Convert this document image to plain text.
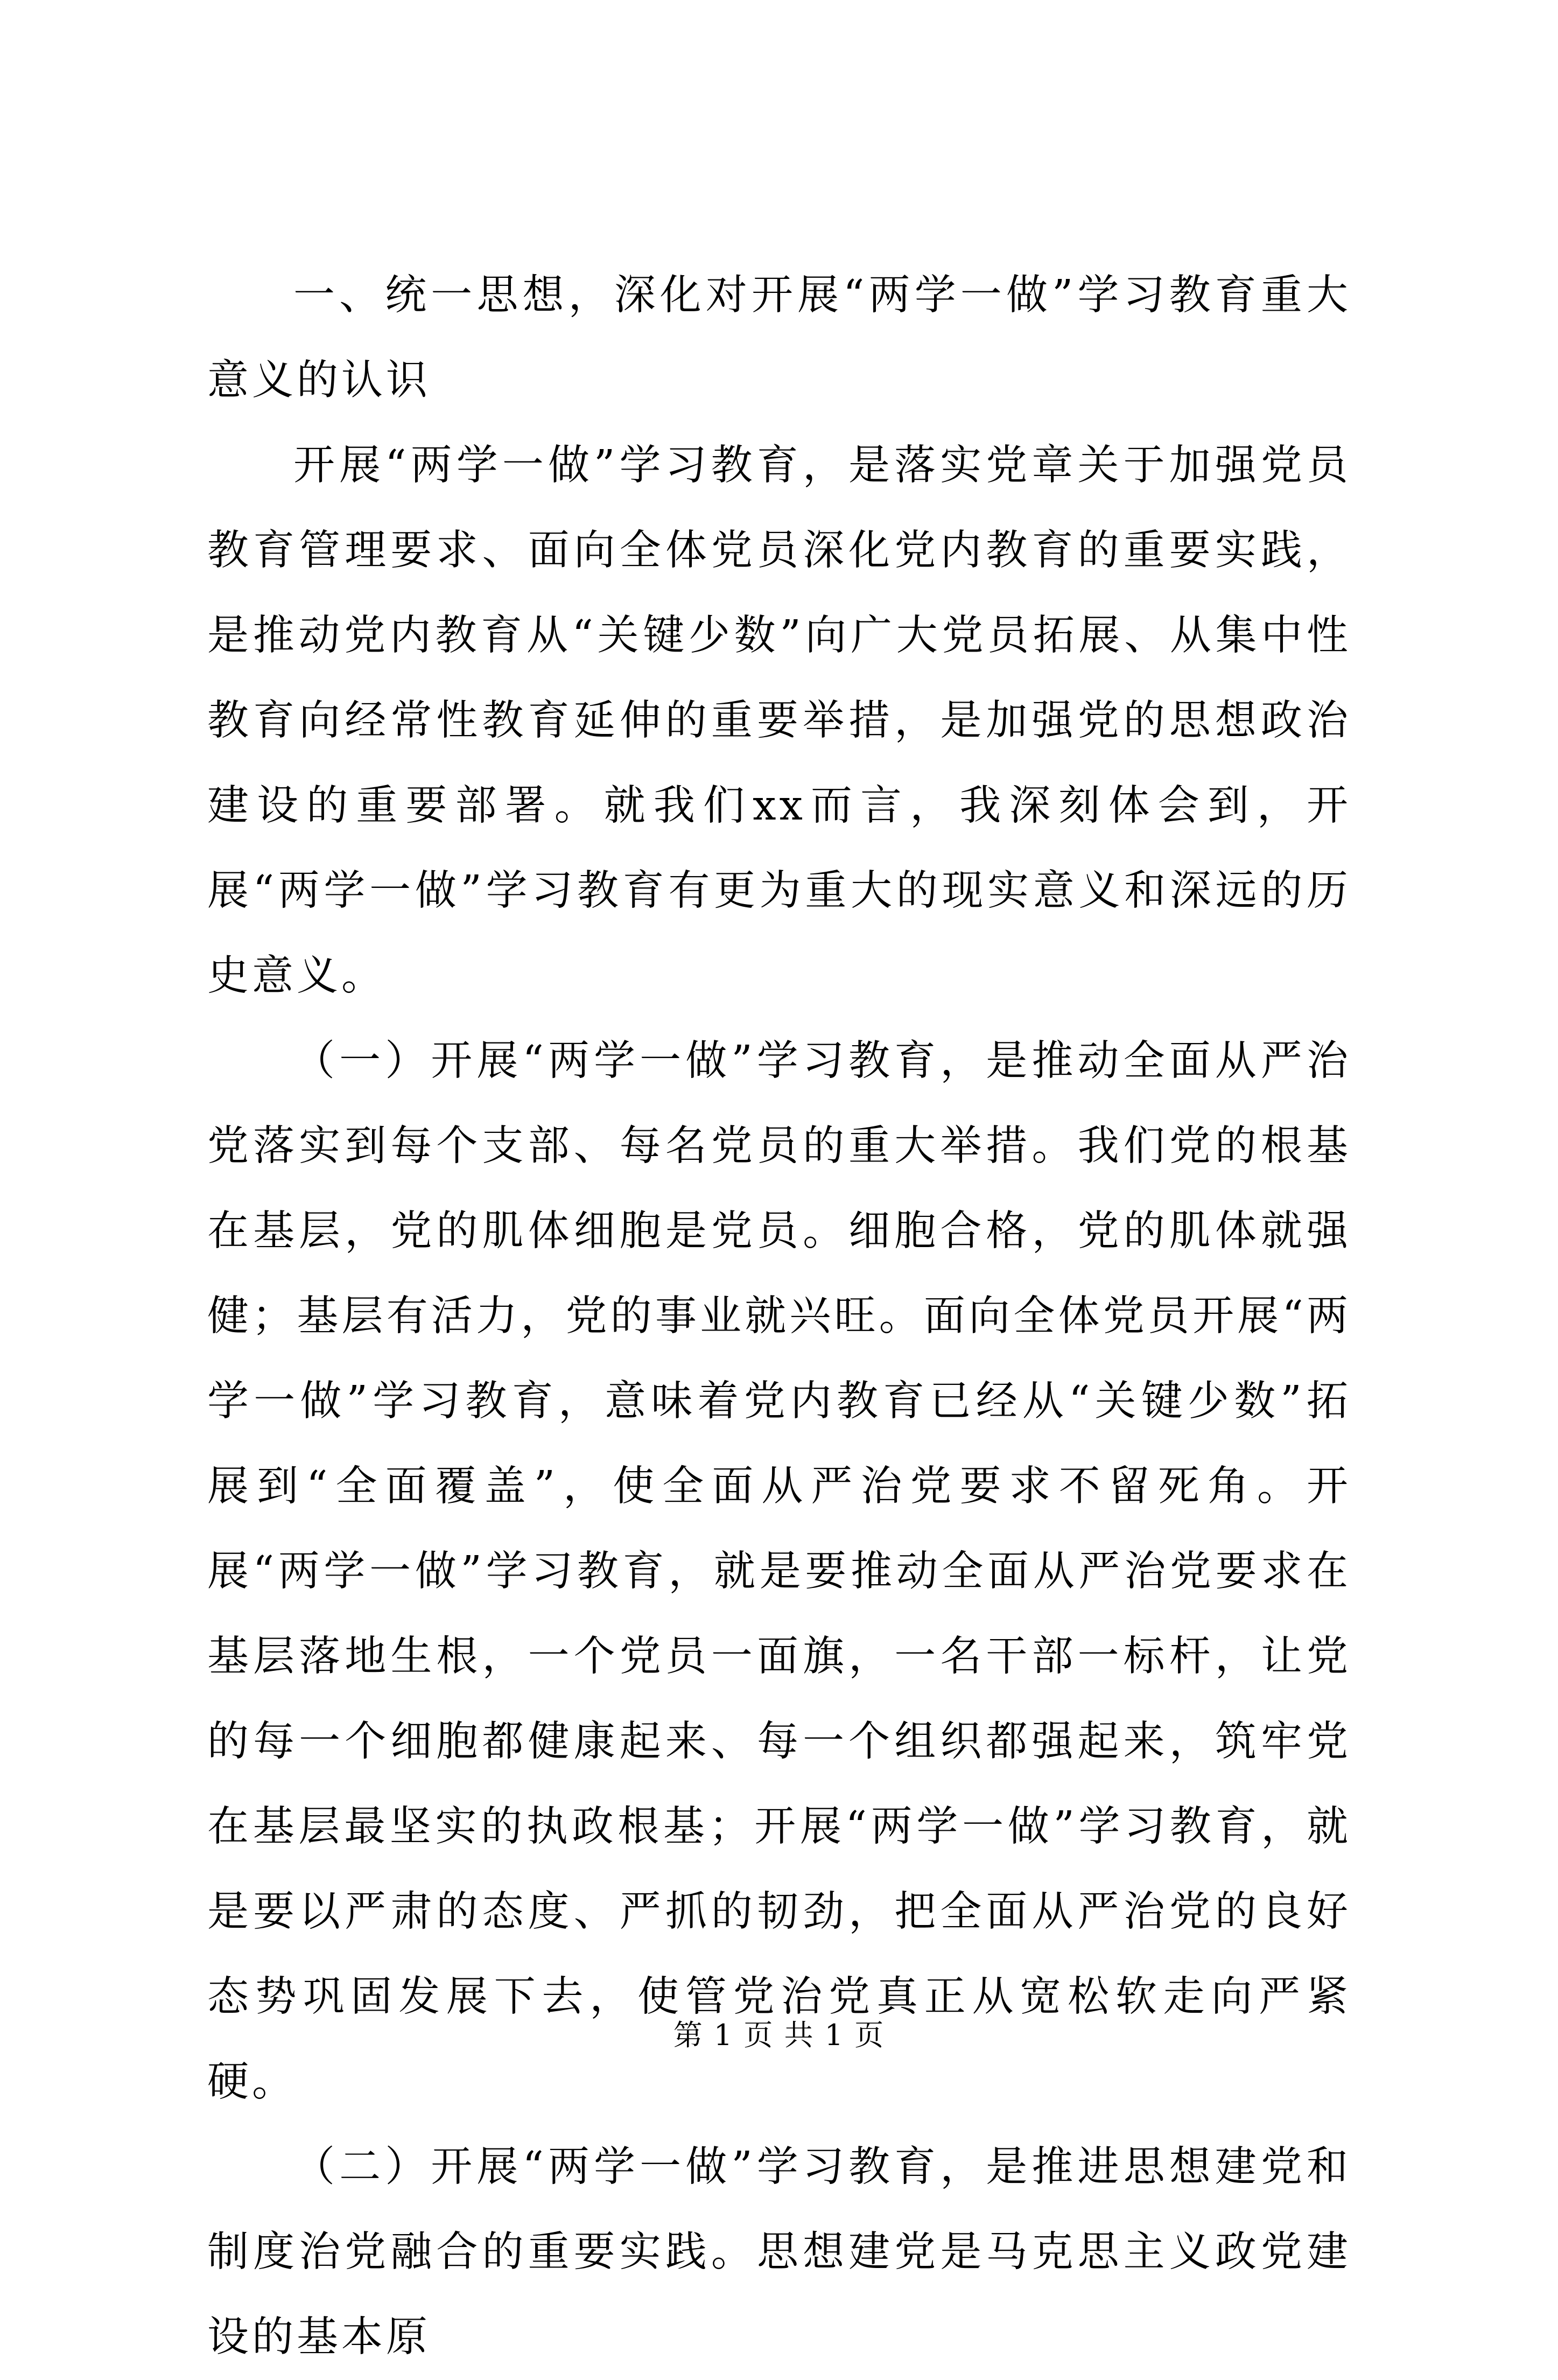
一、统一思想，深化对开展“两学一做”学习教育重大意义的认识

开展“两学一做”学习教育，是落实党章关于加强党员教育管理要求、面向全体党员深化党内教育的重要实践，是推动党内教育从“关键少数”向广大党员拓展、从集中性教育向经常性教育延伸的重要举措，是加强党的思想政治建设的重要部署。就我们xx而言，我深刻体会到，开展“两学一做”学习教育有更为重大的现实意义和深远的历史意义。

（一）开展“两学一做”学习教育，是推动全面从严治党落实到每个支部、每名党员的重大举措。我们党的根基在基层，党的肌体细胞是党员。细胞合格，党的肌体就强健；基层有活力，党的事业就兴旺。面向全体党员开展“两学一做”学习教育，意味着党内教育已经从“关键少数”拓展到“全面覆盖”，使全面从严治党要求不留死角。开展“两学一做”学习教育，就是要推动全面从严治党要求在基层落地生根，一个党员一面旗，一名干部一标杆，让党的每一个细胞都健康起来、每一个组织都强起来，筑牢党在基层最坚实的执政根基；开展“两学一做”学习教育，就是要以严肃的态度、严抓的韧劲，把全面从严治党的良好态势巩固发展下去，使管党治党真正从宽松软走向严紧硬。

（二）开展“两学一做”学习教育，是推进思想建党和制度治党融合的重要实践。思想建党是马克思主义政党建设的基本原

第 1 页 共 1 页
